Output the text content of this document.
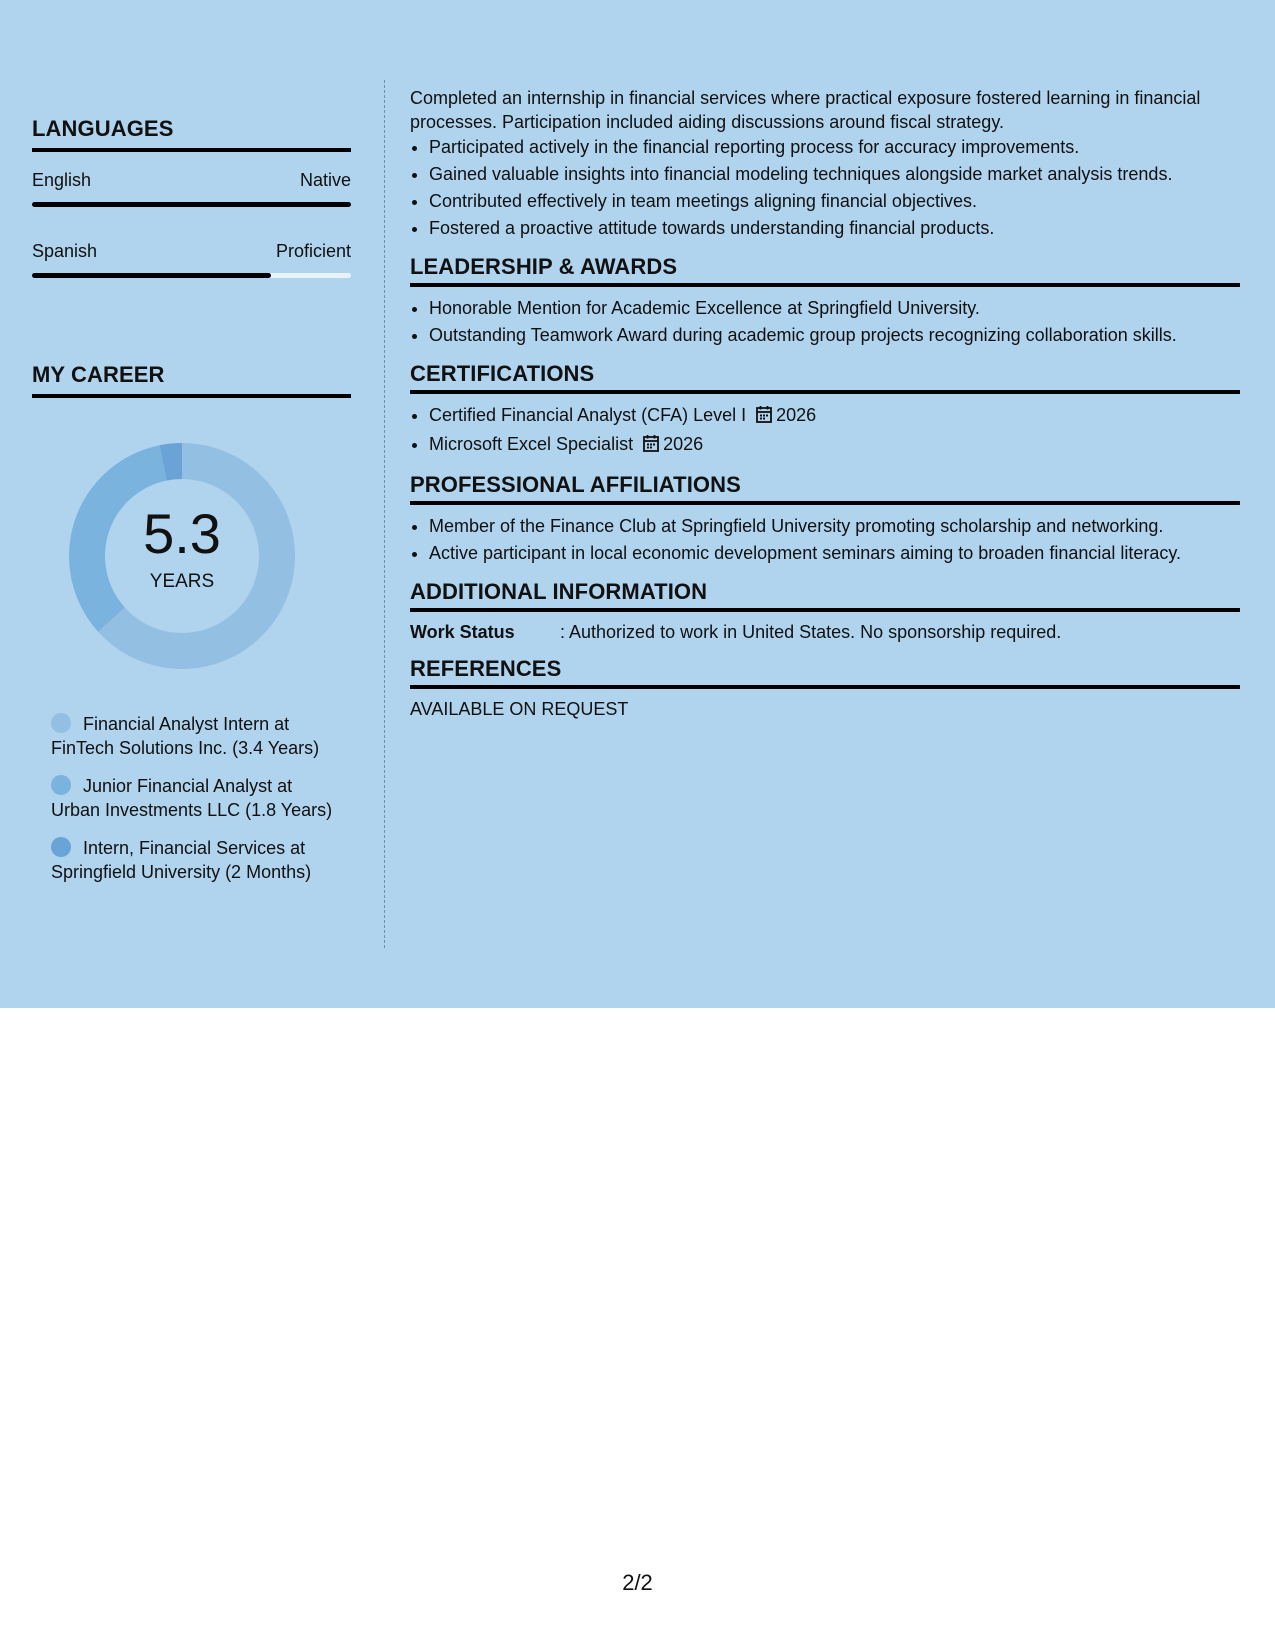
LANGUAGES
English	Native
Spanish	Proficient
MY CAREER
5.3
YEARS
Financial Analyst Intern at FinTech Solutions Inc. (3.4 Years)
Junior Financial Analyst at Urban Investments LLC (1.8 Years)
Intern, Financial Services at Springfield University (2 Months)

Completed an internship in financial services where practical exposure fostered learning in financial processes. Participation included aiding discussions around fiscal strategy.

• Participated actively in the financial reporting process for accuracy improvements.
• Gained valuable insights into financial modeling techniques alongside market analysis trends.
• Contributed effectively in team meetings aligning financial objectives.
• Fostered a proactive attitude towards understanding financial products.
LEADERSHIP & AWARDS
• Honorable Mention for Academic Excellence at Springfield University.
• Outstanding Teamwork Award during academic group projects recognizing collaboration skills.
CERTIFICATIONS
• Certified Financial Analyst (CFA) Level I 2026
• Microsoft Excel Specialist 2026
PROFESSIONAL AFFILIATIONS
• Member of the Finance Club at Springfield University promoting scholarship and networking.
• Active participant in local economic development seminars aiming to broaden financial literacy.
ADDITIONAL INFORMATION
Work Status	: Authorized to work in United States. No sponsorship required.
REFERENCES

AVAILABLE ON REQUEST

2/2
